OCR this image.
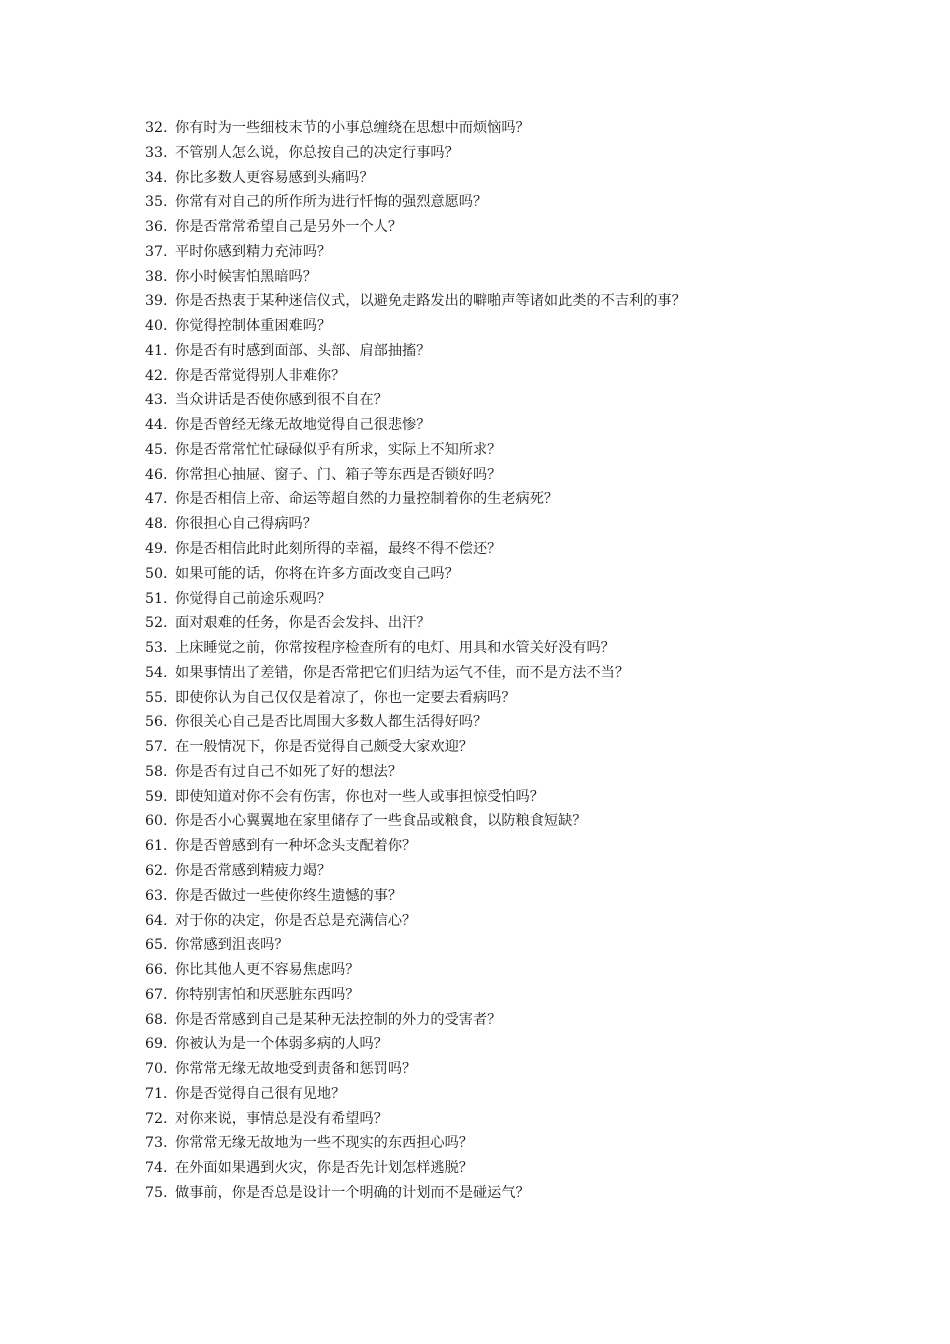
32. 你有时为一些细枝末节的小事总缠绕在思想中而烦恼吗？
33. 不管别人怎么说，你总按自己的决定行事吗？
34. 你比多数人更容易感到头痛吗？
35. 你常有对自己的所作所为进行忏悔的强烈意愿吗？
36. 你是否常常希望自己是另外一个人？
37. 平时你感到精力充沛吗？
38. 你小时候害怕黑暗吗？
39. 你是否热衷于某种迷信仪式，以避免走路发出的噼啪声等诸如此类的不吉利的事？
40. 你觉得控制体重困难吗？
41. 你是否有时感到面部、头部、肩部抽搐？
42. 你是否常觉得别人非难你？
43. 当众讲话是否使你感到很不自在？
44. 你是否曾经无缘无故地觉得自己很悲惨？
45. 你是否常常忙忙碌碌似乎有所求，实际上不知所求？
46. 你常担心抽屉、窗子、门、箱子等东西是否锁好吗？
47. 你是否相信上帝、命运等超自然的力量控制着你的生老病死？
48. 你很担心自己得病吗？
49. 你是否相信此时此刻所得的幸福，最终不得不偿还？
50. 如果可能的话，你将在许多方面改变自己吗？
51. 你觉得自己前途乐观吗？
52. 面对艰难的任务，你是否会发抖、出汗？
53. 上床睡觉之前，你常按程序检查所有的电灯、用具和水管关好没有吗？
54. 如果事情出了差错，你是否常把它们归结为运气不佳，而不是方法不当？
55. 即使你认为自己仅仅是着凉了，你也一定要去看病吗？
56. 你很关心自己是否比周围大多数人都生活得好吗？
57. 在一般情况下，你是否觉得自己颇受大家欢迎？
58. 你是否有过自己不如死了好的想法？
59. 即使知道对你不会有伤害，你也对一些人或事担惊受怕吗？
60. 你是否小心翼翼地在家里储存了一些食品或粮食，以防粮食短缺？
61. 你是否曾感到有一种坏念头支配着你？
62. 你是否常感到精疲力竭？
63. 你是否做过一些使你终生遗憾的事？
64. 对于你的决定，你是否总是充满信心？
65. 你常感到沮丧吗？
66. 你比其他人更不容易焦虑吗？
67. 你特别害怕和厌恶脏东西吗？
68. 你是否常感到自己是某种无法控制的外力的受害者？
69. 你被认为是一个体弱多病的人吗？
70. 你常常无缘无故地受到责备和惩罚吗？
71. 你是否觉得自己很有见地？
72. 对你来说，事情总是没有希望吗？
73. 你常常无缘无故地为一些不现实的东西担心吗？
74. 在外面如果遇到火灾，你是否先计划怎样逃脱？
75. 做事前，你是否总是设计一个明确的计划而不是碰运气？
